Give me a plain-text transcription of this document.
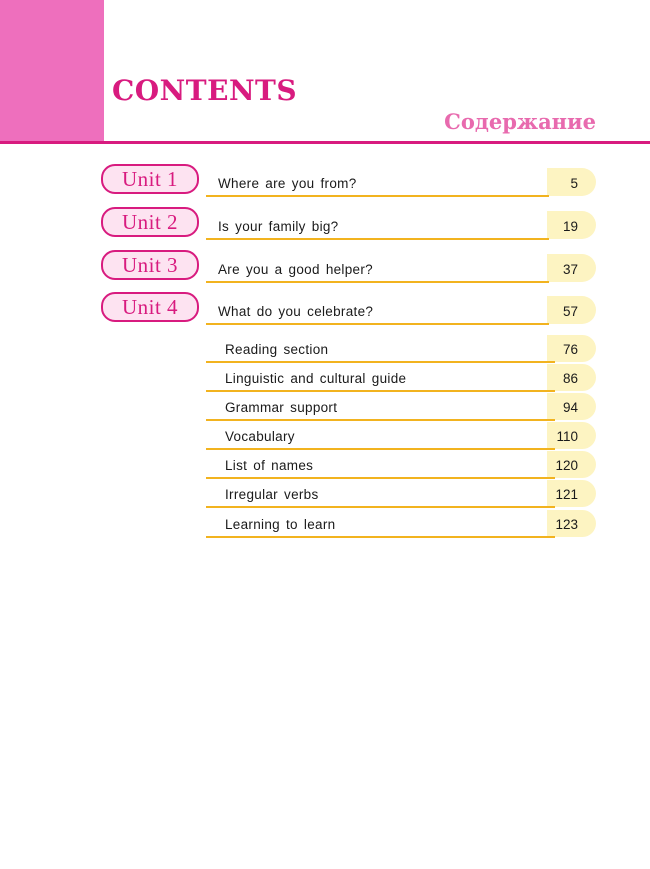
CONTENTS
Содержание
Unit 1	Where are you from?	5
Unit 2	Is your family big?	19
Unit 3	Are you a good helper?	37
Unit 4	What do you celebrate?	57
Reading section	76
Linguistic and cultural guide	86
Grammar support	94
Vocabulary	110
List of names	120
Irregular verbs	121
Learning to learn	123
